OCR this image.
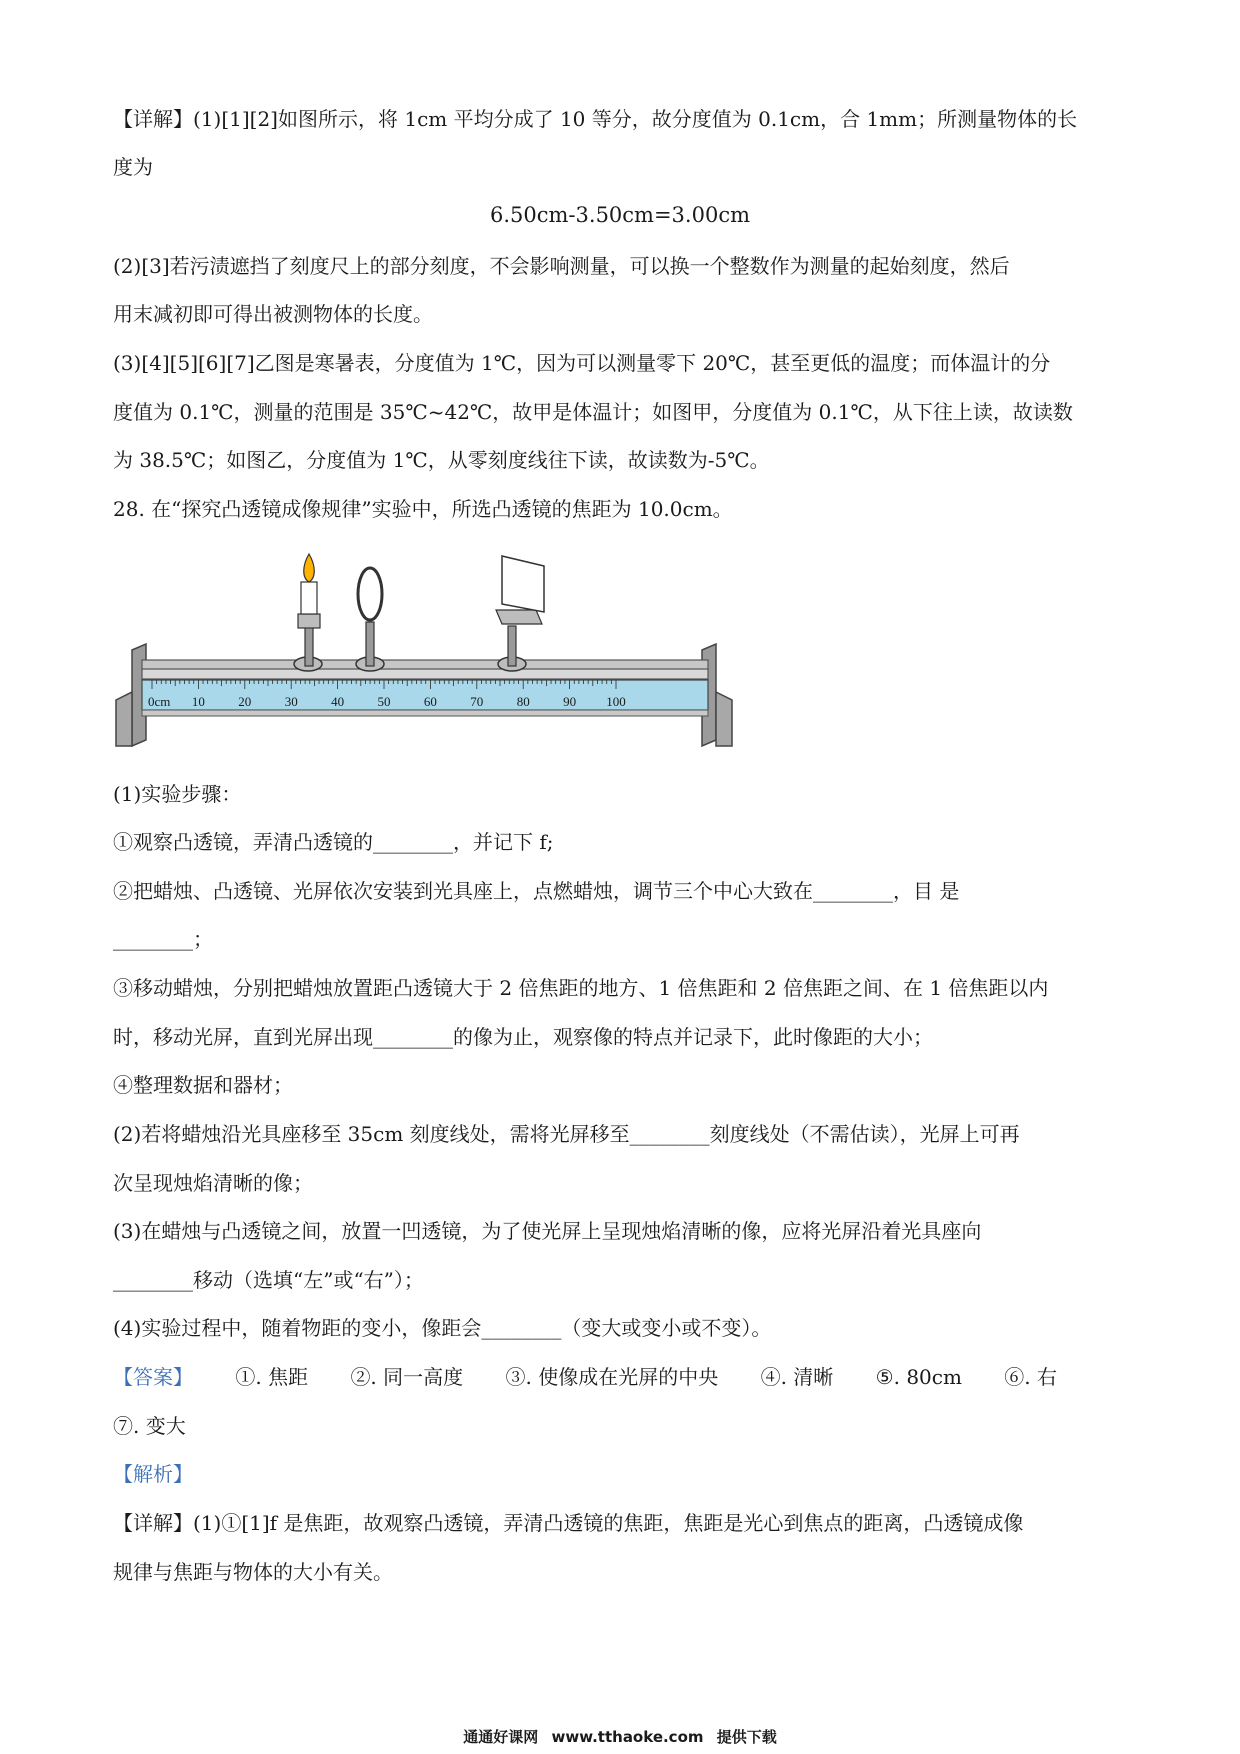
【详解】(1)[1][2]如图所示，将 1cm 平均分成了 10 等分，故分度值为 0.1cm，合 1mm；所测量物体的长
度为
6.50cm-3.50cm=3.00cm
(2)[3]若污渍遮挡了刻度尺上的部分刻度，不会影响测量，可以换一个整数作为测量的起始刻度，然后
用末减初即可得出被测物体的长度。
(3)[4][5][6][7]乙图是寒暑表，分度值为 1℃，因为可以测量零下 20℃，甚至更低的温度；而体温计的分
度值为 0.1℃，测量的范围是 35℃~42℃，故甲是体温计；如图甲，分度值为 0.1℃，从下往上读，故读数
为 38.5℃；如图乙，分度值为 1℃，从零刻度线往下读，故读数为-5℃。
28. 在“探究凸透镜成像规律”实验中，所选凸透镜的焦距为 10.0cm。
0cm 10	20	30	40	50	60	70	80	90 100
(1)实验步骤：
①观察凸透镜，弄清凸透镜的________，并记下 f;
②把蜡烛、凸透镜、光屏依次安装到光具座上，点燃蜡烛，调节三个中心大致在________，目 是
________；
③移动蜡烛，分别把蜡烛放置距凸透镜大于 2 倍焦距的地方、1 倍焦距和 2 倍焦距之间、在 1 倍焦距以内
时，移动光屏，直到光屏出现________的像为止，观察像的特点并记录下，此时像距的大小；
④整理数据和器材；
(2)若将蜡烛沿光具座移至 35cm 刻度线处，需将光屏移至________刻度线处（不需估读），光屏上可再
次呈现烛焰清晰的像；
(3)在蜡烛与凸透镜之间，放置一凹透镜，为了使光屏上呈现烛焰清晰的像，应将光屏沿着光具座向
________移动（选填“左”或“右”）；
(4)实验过程中，随着物距的变小，像距会________（变大或变小或不变）。
【答案】 ①. 焦距 ②. 同一高度 ③. 使像成在光屏的中央 ④. 清晰 ⑤. 80cm ⑥. 右
⑦. 变大
【解析】
【详解】(1)①[1]f 是焦距，故观察凸透镜，弄清凸透镜的焦距，焦距是光心到焦点的距离，凸透镜成像
规律与焦距与物体的大小有关。
通通好课网 www.tthaoke.com 提供下载
